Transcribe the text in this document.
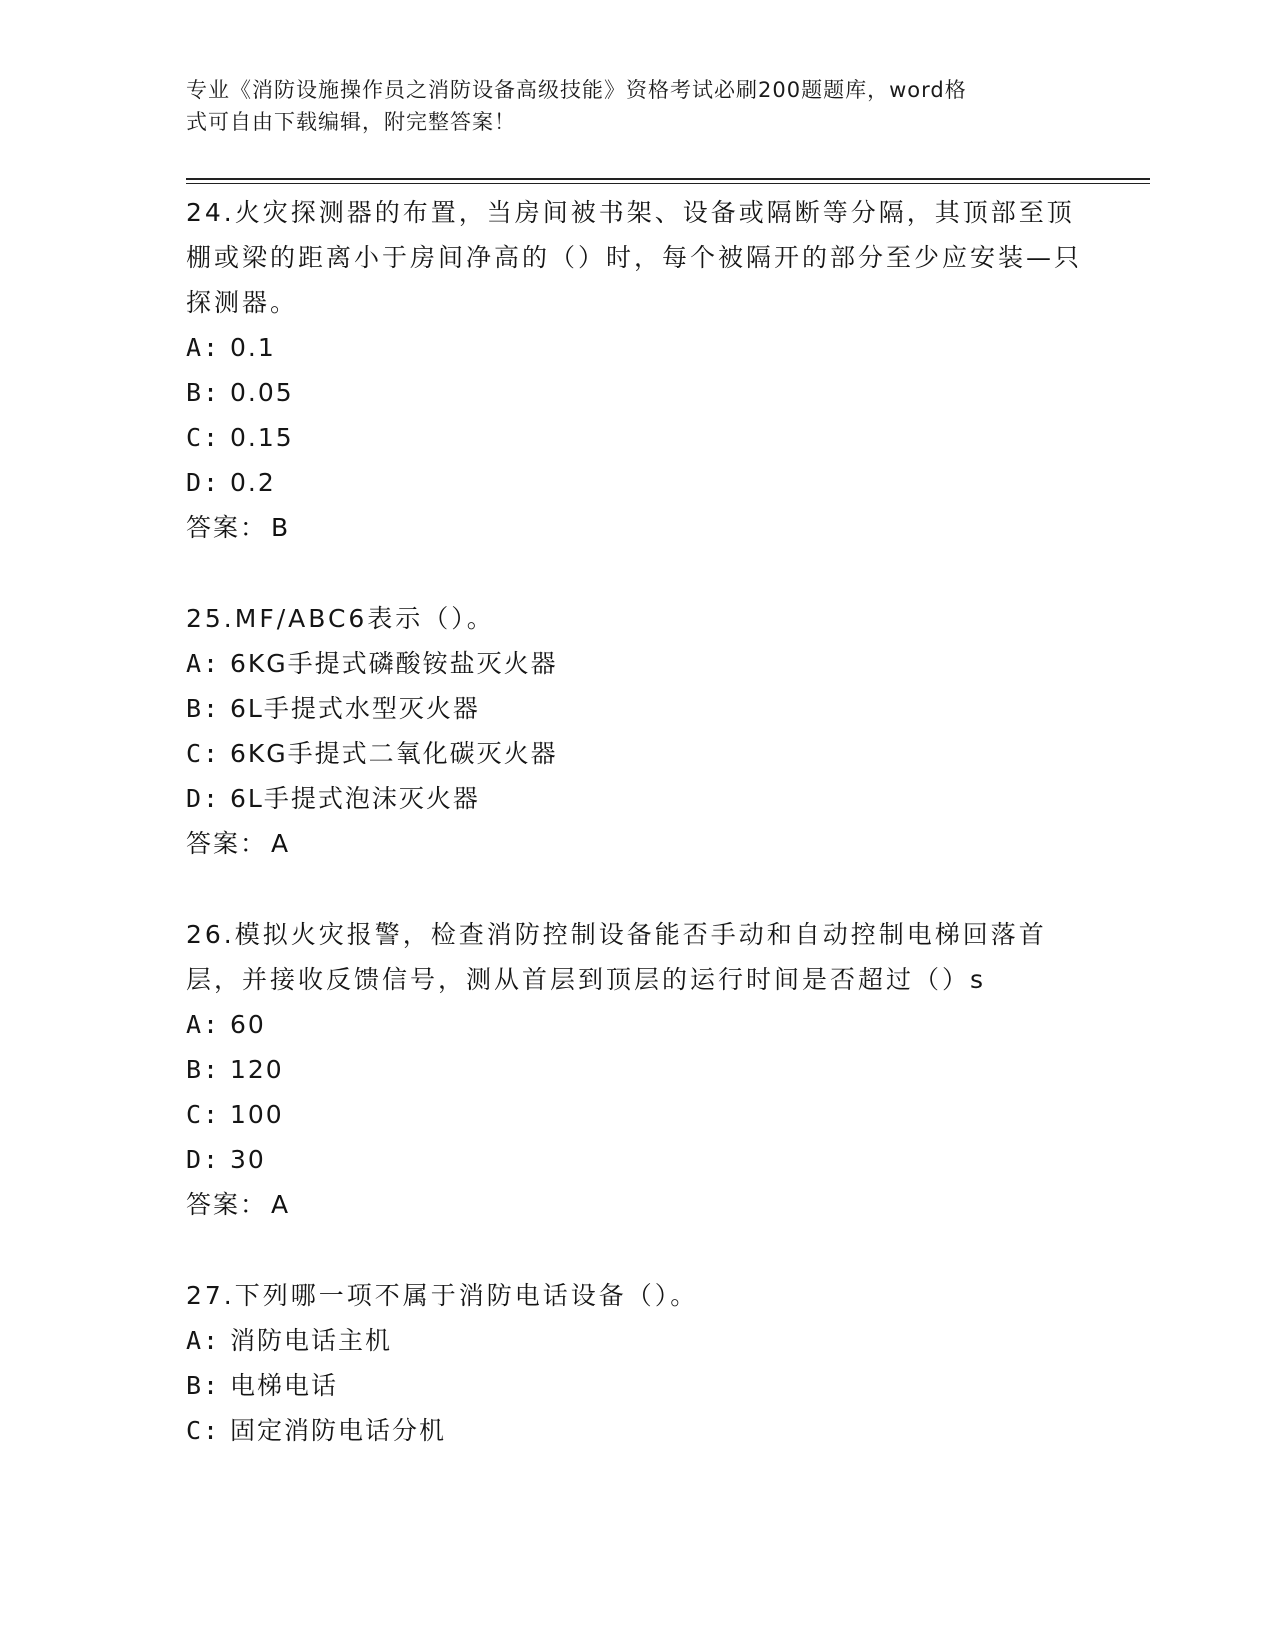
专业《消防设施操作员之消防设备高级技能》资格考试必刷200题题库，word格
式可自由下载编辑，附完整答案！

24.火灾探测器的布置，当房间被书架、设备或隔断等分隔，其顶部至顶棚或梁的距离小于房间净高的（）时，每个被隔开的部分至少应安装—只探测器。

A: 0.1
B: 0.05
C: 0.15
D: 0.2
答案： B

25.MF/ABC6表示（）。

A: 6KG手提式磷酸铵盐灭火器
B: 6L手提式水型灭火器
C: 6KG手提式二氧化碳灭火器
D: 6L手提式泡沫灭火器
答案： A

26.模拟火灾报警，检查消防控制设备能否手动和自动控制电梯回落首层，并接收反馈信号，测从首层到顶层的运行时间是否超过（）s

A: 60
B: 120
C: 100
D: 30
答案： A

27.下列哪一项不属于消防电话设备（）。

A: 消防电话主机
B: 电梯电话
C: 固定消防电话分机
